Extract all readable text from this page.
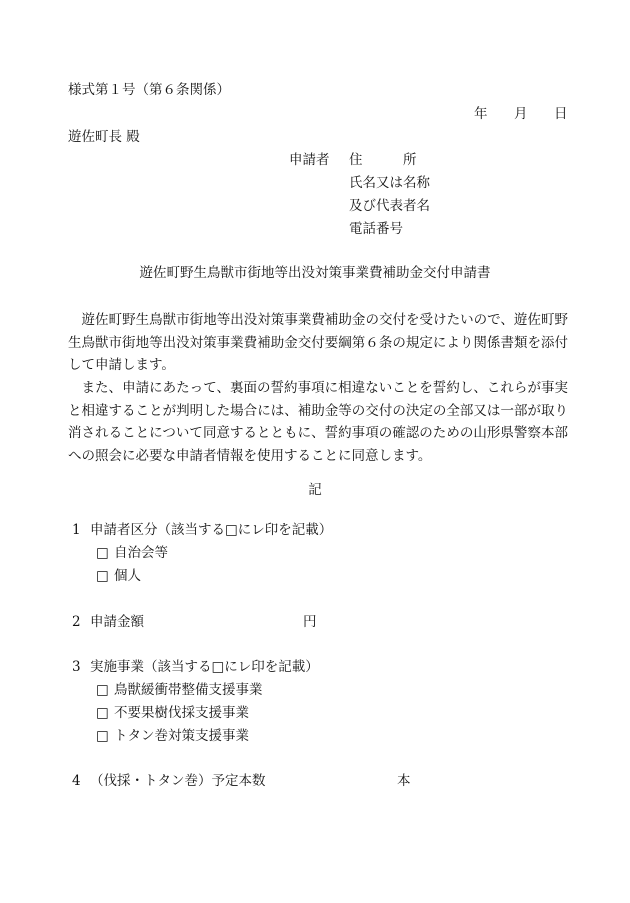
様式第１号（第６条関係）
年 月 日
遊佐町長 殿
申請者 住　　　所
氏名又は名称
及び代表者名
電話番号
遊佐町野生鳥獣市街地等出没対策事業費補助金交付申請書
遊佐町野生鳥獣市街地等出没対策事業費補助金の交付を受けたいので、遊佐町野生鳥獣市街地等出没対策事業費補助金交付要綱第６条の規定により関係書類を添付して申請します。
また、申請にあたって、裏面の誓約事項に相違ないことを誓約し、これらが事実と相違することが判明した場合には、補助金等の交付の決定の全部又は一部が取り消されることについて同意するとともに、誓約事項の確認のための山形県警察本部への照会に必要な申請者情報を使用することに同意します。
記
1 申請者区分（該当する□にレ印を記載）
□ 自治会等
□ 個人
2 申請金額	円
3 実施事業（該当する□にレ印を記載）
□ 鳥獣緩衝帯整備支援事業
□ 不要果樹伐採支援事業
□ トタン巻対策支援事業
4 （伐採・トタン巻）予定本数	本
